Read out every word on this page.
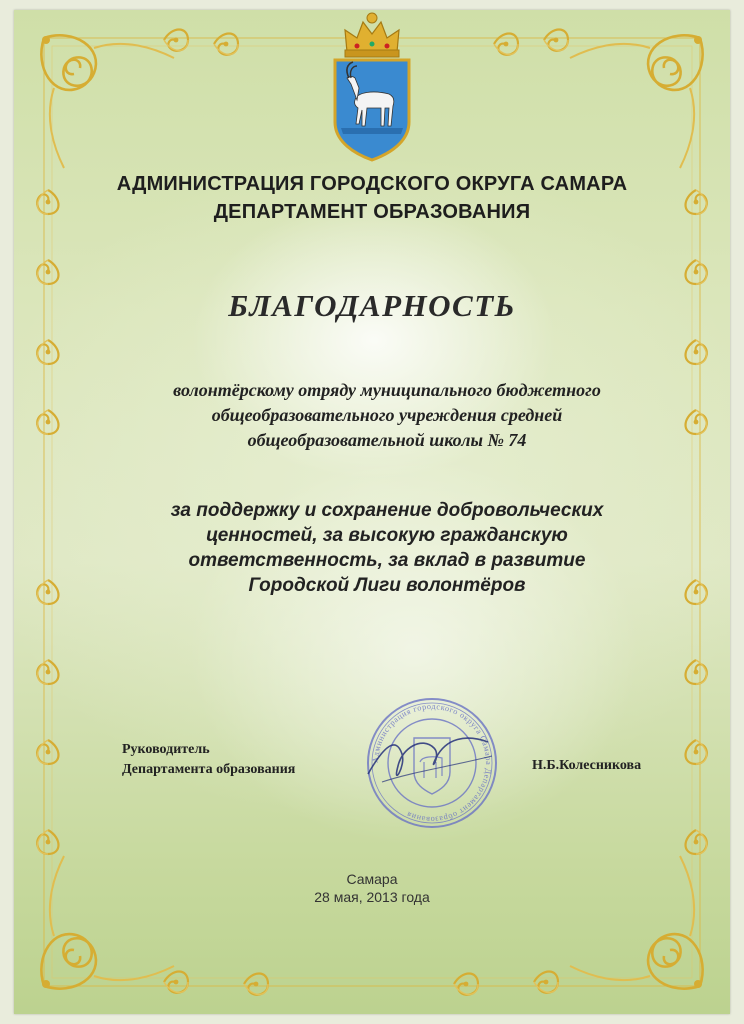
АДМИНИСТРАЦИЯ ГОРОДСКОГО ОКРУГА САМАРА
ДЕПАРТАМЕНТ ОБРАЗОВАНИЯ
БЛАГОДАРНОСТЬ
волонтёрскому отряду муниципального бюджетного
общеобразовательного учреждения средней
общеобразовательной школы № 74
за поддержку и сохранение добровольческих
ценностей, за высокую гражданскую
ответственность, за вклад в развитие
Городской Лиги волонтёров
Руководитель
Департамента образования	Н.Б.Колесникова
Администрация городского округа Самара Департамент образования
Самара
28 мая, 2013 года
